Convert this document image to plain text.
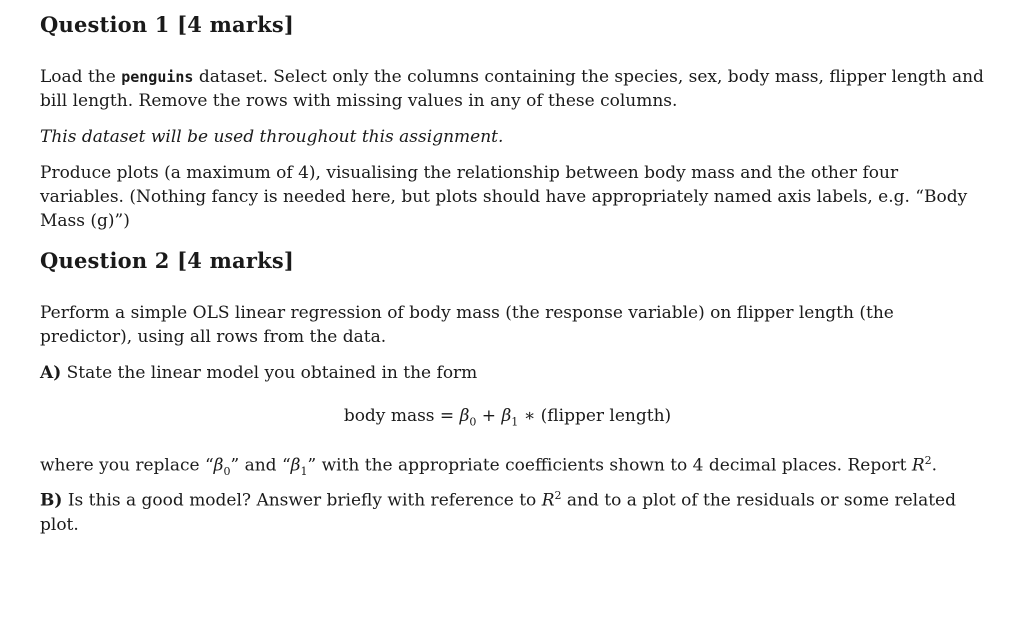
Question 1 [4 marks]

Load the penguins dataset. Select only the columns containing the species, sex, body mass, flipper length and bill length. Remove the rows with missing values in any of these columns.

This dataset will be used throughout this assignment.

Produce plots (a maximum of 4), visualising the relationship between body mass and the other four variables. (Nothing fancy is needed here, but plots should have appropriately named axis labels, e.g. “Body Mass (g)”)

Question 2 [4 marks]

Perform a simple OLS linear regression of body mass (the response variable) on flipper length (the predictor), using all rows from the data.

A) State the linear model you obtained in the form

body mass = $\beta_0 + \beta_1$ ∗ (flipper length)

where you replace “$\beta_0$” and “$\beta_1$” with the appropriate coefficients shown to 4 decimal places. Report $R^2$.

B) Is this a good model? Answer briefly with reference to $R^2$ and to a plot of the residuals or some related plot.
